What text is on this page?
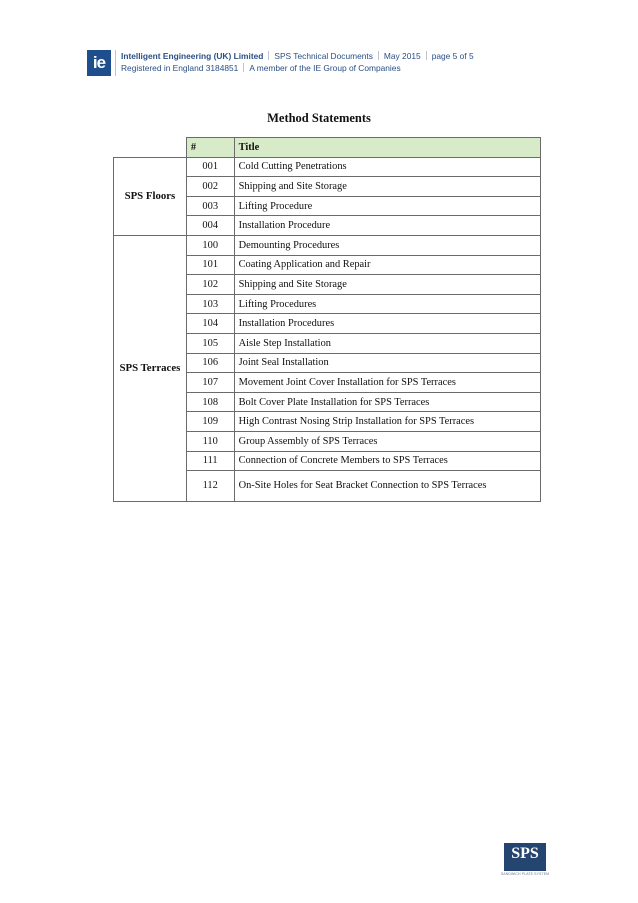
ie	Intelligent Engineering (UK) Limited SPS Technical Documents May 2015 page 5 of 5
Registered in England 3184851 A member of the IE Group of Companies
Method Statements
	#	Title
SPS Floors	001	Cold Cutting Penetrations
	002	Shipping and Site Storage
	003	Lifting Procedure
	004	Installation Procedure
SPS Terraces	100	Demounting Procedures
	101	Coating Application and Repair
	102	Shipping and Site Storage
	103	Lifting Procedures
	104	Installation Procedures
	105	Aisle Step Installation
	106	Joint Seal Installation
	107	Movement Joint Cover Installation for SPS Terraces
	108	Bolt Cover Plate Installation for SPS Terraces
	109	High Contrast Nosing Strip Installation for SPS Terraces
	110	Group Assembly of SPS Terraces
	111	Connection of Concrete Members to SPS Terraces
	112	On-Site Holes for Seat Bracket Connection to SPS Terraces
SPS
SANDWICH PLATE SYSTEM
